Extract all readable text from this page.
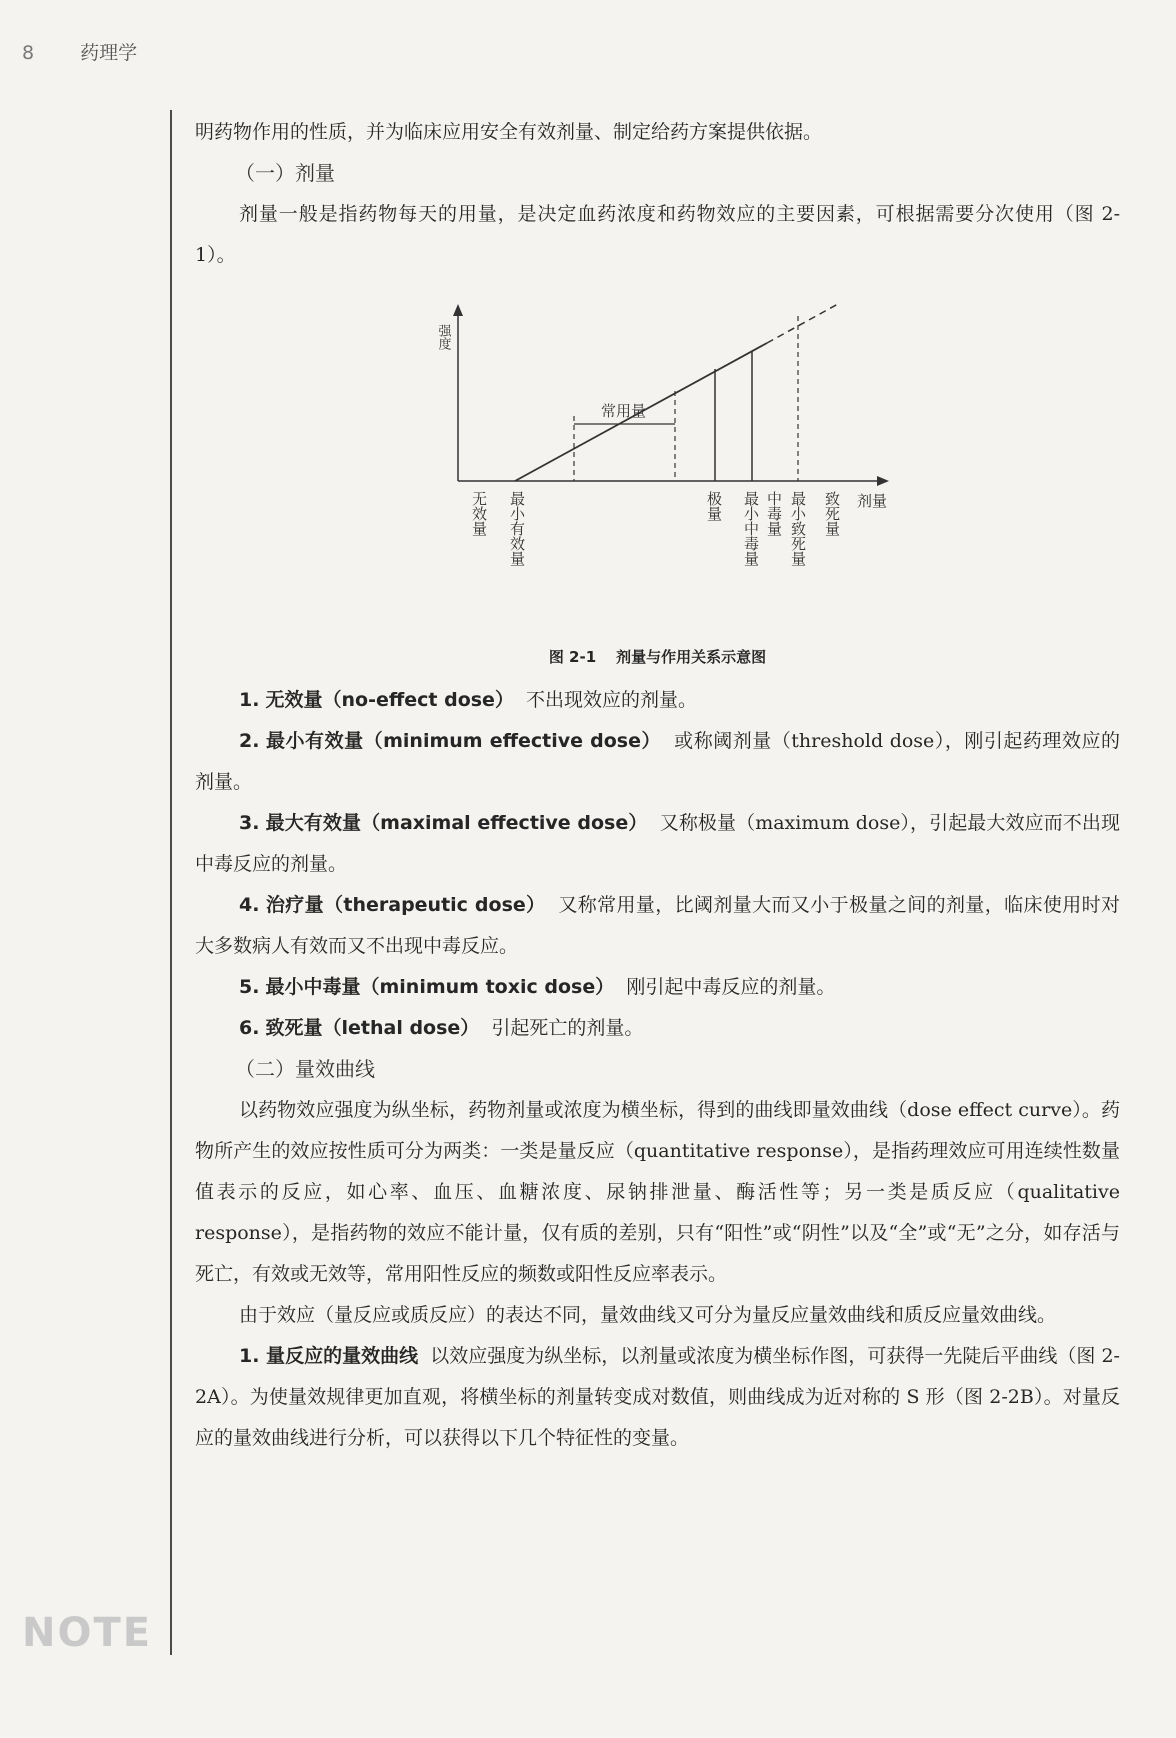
8 药理学
NOTE

明药物作用的性质，并为临床应用安全有效剂量、制定给药方案提供依据。

（一）剂量

剂量一般是指药物每天的用量，是决定血药浓度和药物效应的主要因素，可根据需要分次使用（图 2-1）。

强度
剂量
常用量
无效量 最小有效量	极量 最小中毒量 中毒量 最小致死量 致死量
图 2-1 剂量与作用关系示意图

1. 无效量（no-effect dose） 不出现效应的剂量。

2. 最小有效量（minimum effective dose） 或称阈剂量（threshold dose），刚引起药理效应的剂量。

3. 最大有效量（maximal effective dose） 又称极量（maximum dose），引起最大效应而不出现中毒反应的剂量。

4. 治疗量（therapeutic dose） 又称常用量，比阈剂量大而又小于极量之间的剂量，临床使用时对大多数病人有效而又不出现中毒反应。

5. 最小中毒量（minimum toxic dose） 刚引起中毒反应的剂量。

6. 致死量（lethal dose） 引起死亡的剂量。

（二）量效曲线

以药物效应强度为纵坐标，药物剂量或浓度为横坐标，得到的曲线即量效曲线（dose effect curve）。药物所产生的效应按性质可分为两类：一类是量反应（quantitative response），是指药理效应可用连续性数量值表示的反应，如心率、血压、血糖浓度、尿钠排泄量、酶活性等；另一类是质反应（qualitative response），是指药物的效应不能计量，仅有质的差别，只有“阳性”或“阴性”以及“全”或“无”之分，如存活与死亡，有效或无效等，常用阳性反应的频数或阳性反应率表示。

由于效应（量反应或质反应）的表达不同，量效曲线又可分为量反应量效曲线和质反应量效曲线。

1. 量反应的量效曲线 以效应强度为纵坐标，以剂量或浓度为横坐标作图，可获得一先陡后平曲线（图 2-2A）。为使量效规律更加直观，将横坐标的剂量转变成对数值，则曲线成为近对称的 S 形（图 2-2B）。对量反应的量效曲线进行分析，可以获得以下几个特征性的变量。
